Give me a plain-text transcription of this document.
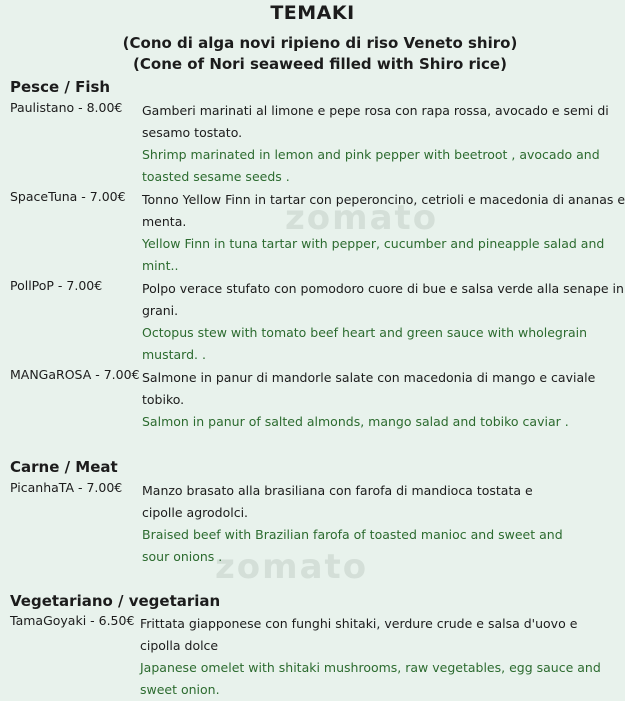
zomato
zomato
TEMAKI
(Cono di alga novi ripieno di riso Veneto shiro)
(Cone of Nori seaweed filled with Shiro rice)
Pesce / Fish
Paulistano - 8.00€ Gamberi marinati al limone e pepe rosa con rapa rossa, avocado e semi di sesamo tostato.
Shrimp marinated in lemon and pink pepper with beetroot , avocado and toasted sesame seeds .
SpaceTuna - 7.00€ Tonno Yellow Finn in tartar con peperoncino, cetrioli e macedonia di ananas e menta.
Yellow Finn in tuna tartar with pepper, cucumber and pineapple salad and mint..
PollPoP - 7.00€	Polpo verace stufato con pomodoro cuore di bue e salsa verde alla senape in grani.
Octopus stew with tomato beef heart and green sauce with wholegrain mustard. .
MANGaROSA - 7.00€ Salmone in panur di mandorle salate con macedonia di mango e caviale tobiko.
Salmon in panur of salted almonds, mango salad and tobiko caviar .
Carne / Meat
PicanhaTA - 7.00€ Manzo brasato alla brasiliana con farofa di mandioca tostata e cipolle agrodolci.
Braised beef with Brazilian farofa of toasted manioc and sweet and sour onions .
Vegetariano / vegetarian
TamaGoyaki - 6.50€ Frittata giapponese con funghi shitaki, verdure crude e salsa d'uovo e cipolla dolce
Japanese omelet with shitaki mushrooms, raw vegetables, egg sauce and sweet onion.
